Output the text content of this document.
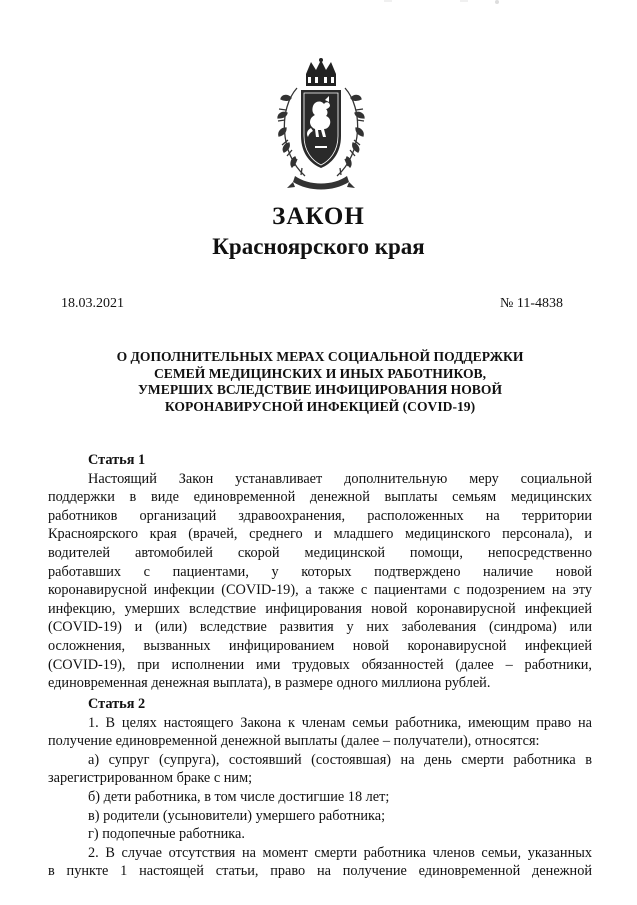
ЗАКОН
Красноярского края
18.03.2021	№ 11-4838
О ДОПОЛНИТЕЛЬНЫХ МЕРАХ СОЦИАЛЬНОЙ ПОДДЕРЖКИ
СЕМЕЙ МЕДИЦИНСКИХ И ИНЫХ РАБОТНИКОВ,
УМЕРШИХ ВСЛЕДСТВИЕ ИНФИЦИРОВАНИЯ НОВОЙ
КОРОНАВИРУСНОЙ ИНФЕКЦИЕЙ (COVID-19)
Статья 1
Настоящий Закон устанавливает дополнительную меру социальной
поддержки в виде единовременной денежной выплаты семьям медицинских
работников организаций здравоохранения, расположенных на территории
Красноярского края (врачей, среднего и младшего медицинского персонала), и
водителей автомобилей скорой медицинской помощи, непосредственно
работавших с пациентами, у которых подтверждено наличие новой
коронавирусной инфекции (COVID-19), а также с пациентами с подозрением на эту
инфекцию, умерших вследствие инфицирования новой коронавирусной инфекцией
(COVID-19) и (или) вследствие развития у них заболевания (синдрома) или
осложнения, вызванных инфицированием новой коронавирусной инфекцией
(COVID-19), при исполнении ими трудовых обязанностей (далее – работники,
единовременная денежная выплата), в размере одного миллиона рублей.
Статья 2
1. В целях настоящего Закона к членам семьи работника, имеющим право на
получение единовременной денежной выплаты (далее – получатели), относятся:
а) супруг (супруга), состоявший (состоявшая) на день смерти работника в
зарегистрированном браке с ним;
б) дети работника, в том числе достигшие 18 лет;
в) родители (усыновители) умершего работника;
г) подопечные работника.
2. В случае отсутствия на момент смерти работника членов семьи, указанных
в пункте 1 настоящей статьи, право на получение единовременной денежной
